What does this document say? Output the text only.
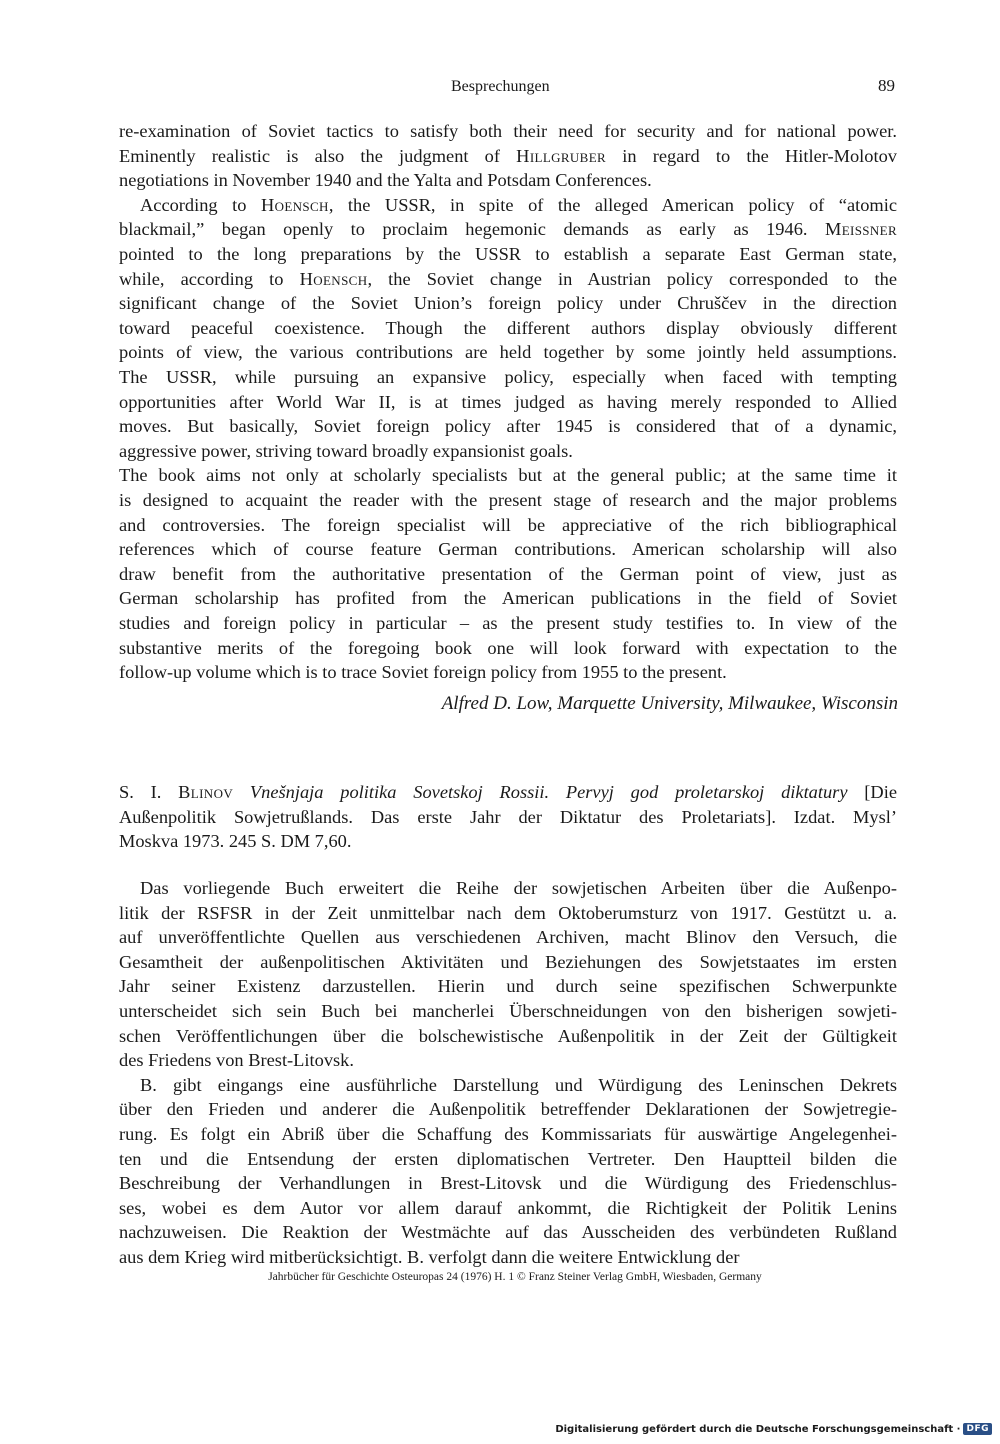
Besprechungen	89
re-examination of Soviet tactics to satisfy both their need for security and for national power.
Eminently realistic is also the judgment of Hillgruber in regard to the Hitler-Molotov
negotiations in November 1940 and the Yalta and Potsdam Conferences.
According to Hoensch, the USSR, in spite of the alleged American policy of “atomic
blackmail,” began openly to proclaim hegemonic demands as early as 1946. Meissner
pointed to the long preparations by the USSR to establish a separate East German state,
while, according to Hoensch, the Soviet change in Austrian policy corresponded to the
significant change of the Soviet Union’s foreign policy under Chruščev in the direction
toward peaceful coexistence. Though the different authors display obviously different
points of view, the various contributions are held together by some jointly held assumptions.
The USSR, while pursuing an expansive policy, especially when faced with tempting
opportunities after World War II, is at times judged as having merely responded to Allied
moves. But basically, Soviet foreign policy after 1945 is considered that of a dynamic,
aggressive power, striving toward broadly expansionist goals.
The book aims not only at scholarly specialists but at the general public; at the same time it
is designed to acquaint the reader with the present stage of research and the major problems
and controversies. The foreign specialist will be appreciative of the rich bibliographical
references which of course feature German contributions. American scholarship will also
draw benefit from the authoritative presentation of the German point of view, just as
German scholarship has profited from the American publications in the field of Soviet
studies and foreign policy in particular – as the present study testifies to. In view of the
substantive merits of the foregoing book one will look forward with expectation to the
follow-up volume which is to trace Soviet foreign policy from 1955 to the present.
Alfred D. Low, Marquette University, Milwaukee, Wisconsin
S. I. Blinov Vnešnjaja politika Sovetskoj Rossii. Pervyj god proletarskoj diktatury [Die
Außenpolitik Sowjetrußlands. Das erste Jahr der Diktatur des Proletariats]. Izdat. Mysl’
Moskva 1973. 245 S. DM 7,60.
Das vorliegende Buch erweitert die Reihe der sowjetischen Arbeiten über die Außenpo-
litik der RSFSR in der Zeit unmittelbar nach dem Oktoberumsturz von 1917. Gestützt u. a.
auf unveröffentlichte Quellen aus verschiedenen Archiven, macht Blinov den Versuch, die
Gesamtheit der außenpolitischen Aktivitäten und Beziehungen des Sowjetstaates im ersten
Jahr seiner Existenz darzustellen. Hierin und durch seine spezifischen Schwerpunkte
unterscheidet sich sein Buch bei mancherlei Überschneidungen von den bisherigen sowjeti-
schen Veröffentlichungen über die bolschewistische Außenpolitik in der Zeit der Gültigkeit
des Friedens von Brest-Litovsk.
B. gibt eingangs eine ausführliche Darstellung und Würdigung des Leninschen Dekrets
über den Frieden und anderer die Außenpolitik betreffender Deklarationen der Sowjetregie-
rung. Es folgt ein Abriß über die Schaffung des Kommissariats für auswärtige Angelegenhei-
ten und die Entsendung der ersten diplomatischen Vertreter. Den Hauptteil bilden die
Beschreibung der Verhandlungen in Brest-Litovsk und die Würdigung des Friedenschlus-
ses, wobei es dem Autor vor allem darauf ankommt, die Richtigkeit der Politik Lenins
nachzuweisen. Die Reaktion der Westmächte auf das Ausscheiden des verbündeten Rußland
aus dem Krieg wird mitberücksichtigt. B. verfolgt dann die weitere Entwicklung der
Jahrbücher für Geschichte Osteuropas 24 (1976) H. 1 © Franz Steiner Verlag GmbH, Wiesbaden, Germany
Digitalisierung gefördert durch die Deutsche Forschungsgemeinschaft · DFG
